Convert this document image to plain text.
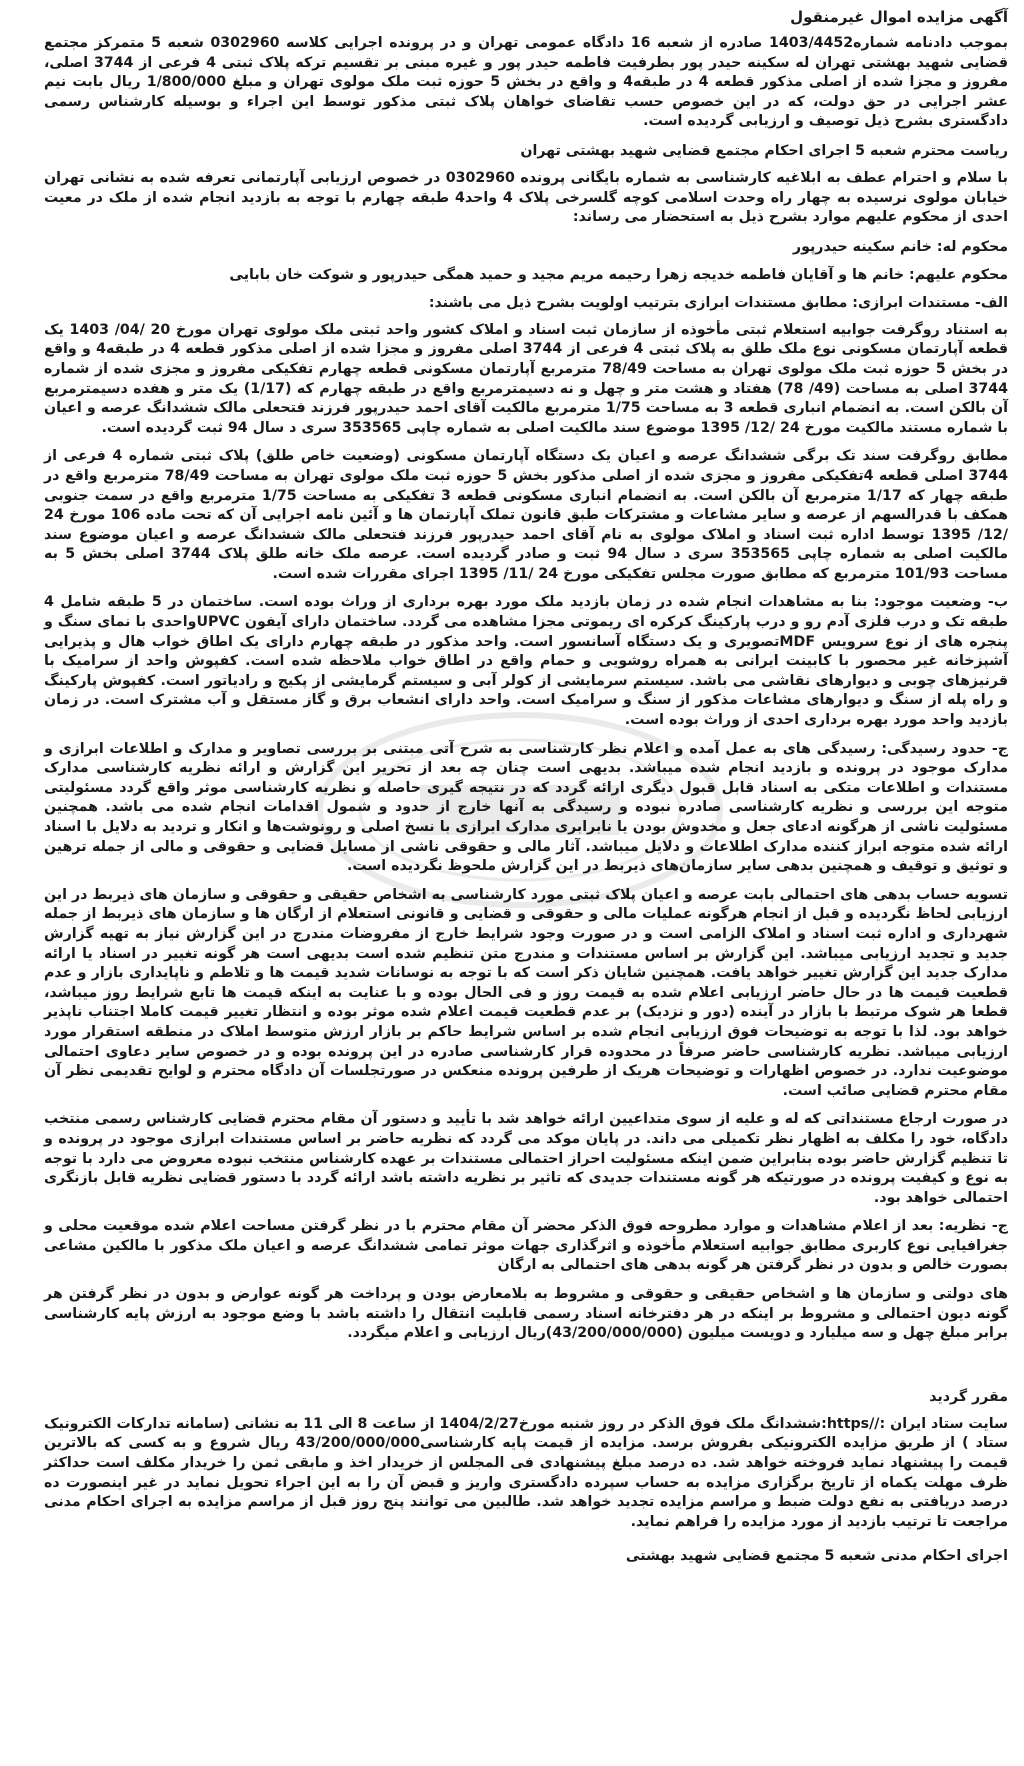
آگهی مزایده اموال غیرمنقول

بموجب دادنامه شماره1403/4452 صادره از شعبه 16 دادگاه عمومی تهران و در پرونده اجرایی کلاسه 0302960 شعبه 5 متمرکز مجتمع قضایی شهید بهشتی تهران له سکینه حیدر پور بطرفیت فاطمه حیدر پور و غیره مبنی بر تقسیم ترکه پلاک ثبتی 4 فرعی از 3744 اصلی، مفروز و مجزا شده از اصلی مذکور قطعه 4 در طبقه4 و واقع در بخش 5 حوزه ثبت ملک مولوی تهران و مبلغ 1/800/000 ریال بابت نیم عشر اجرایی در حق دولت، که در این خصوص حسب تقاضای خواهان پلاک ثبتی مذکور توسط این اجراء و بوسیله کارشناس رسمی دادگستری بشرح ذیل توصیف و ارزیابی گردیده است.

ریاست محترم شعبه 5 اجرای احکام مجتمع قضایی شهید بهشتی تهران

با سلام و احترام عطف به ابلاغیه کارشناسی به شماره بایگانی پرونده 0302960 در خصوص ارزیابی آپارتمانی تعرفه شده به نشانی تهران خیابان مولوی نرسیده به چهار راه وحدت اسلامی کوچه گلسرخی پلاک 4 واحد4 طبقه چهارم با توجه به بازدید انجام شده از ملک در معیت احدی از محکوم علیهم موارد بشرح ذیل به استحضار می رساند:

محکوم له: خانم سکینه حیدرپور
محکوم علیهم: خانم ها و آقایان فاطمه خدیجه زهرا رحیمه مریم مجید و حمید همگی حیدرپور و شوکت خان بابایی
الف- مستندات ابرازی: مطابق مستندات ابرازی بترتیب اولویت بشرح ذیل می باشند:

به استناد روگرفت جوابیه استعلام ثبتی مأخوذه از سازمان ثبت اسناد و املاک کشور واحد ثبتی ملک مولوی تهران مورخ 20 /04/ 1403 یک قطعه آپارتمان مسکونی نوع ملک طلق به پلاک ثبتی 4 فرعی از 3744 اصلی مفروز و مجزا شده از اصلی مذکور قطعه 4 در طبقه4 و واقع در بخش 5 حوزه ثبت ملک مولوی تهران به مساحت 78/49 مترمربع آپارتمان مسکونی قطعه چهارم تفکیکی مفروز و مجزی شده از شماره 3744 اصلی به مساحت (49/ 78) هفتاد و هشت متر و چهل و نه دسیمترمربع واقع در طبقه چهارم که (1/17) یک متر و هفده دسیمترمربع آن بالکن است. به انضمام انباری قطعه 3 به مساحت 1/75 مترمربع مالکیت آقای احمد حیدرپور فرزند فتحعلی مالک ششدانگ عرصه و اعیان با شماره مستند مالکیت مورخ 24 /12/ 1395 موضوع سند مالکیت اصلی به شماره چاپی 353565 سری د سال 94 ثبت گردیده است.

مطابق روگرفت سند تک برگی ششدانگ عرصه و اعیان یک دستگاه آپارتمان مسکونی (وضعیت خاص طلق) پلاک ثبتی شماره 4 فرعی از 3744 اصلی قطعه 4تفکیکی مفروز و مجزی شده از اصلی مذکور بخش 5 حوزه ثبت ملک مولوی تهران به مساحت 78/49 مترمربع واقع در طبقه چهار که 1/17 مترمربع آن بالکن است. به انضمام انباری مسکونی قطعه 3 تفکیکی به مساحت 1/75 مترمربع واقع در سمت جنوبی همکف با قدرالسهم از عرصه و سایر مشاعات و مشترکات طبق قانون تملک آپارتمان ها و آئین نامه اجرایی آن که تحت ماده 106 مورخ 24 /12/ 1395 توسط اداره ثبت اسناد و املاک مولوی به نام آقای احمد حیدرپور فرزند فتحعلی مالک ششدانگ عرصه و اعیان موضوع سند مالکیت اصلی به شماره چاپی 353565 سری د سال 94 ثبت و صادر گردیده است. عرصه ملک خانه طلق پلاک 3744 اصلی بخش 5 به مساحت 101/93 مترمربع که مطابق صورت مجلس تفکیکی مورخ 24 /11/ 1395 اجرای مقررات شده است.

ب- وضعیت موجود: بنا به مشاهدات انجام شده در زمان بازدید ملک مورد بهره برداری از وراث بوده است. ساختمان در 5 طبقه شامل 4 طبقه تک و درب فلزی آدم رو و درب پارکینگ کرکره ای ریموتی مجزا مشاهده می گردد. ساختمان دارای آیفون UPVCواحدی با نمای سنگ و پنجره های از نوع سرویس MDFتصویری و یک دستگاه آسانسور است. واحد مذکور در طبقه چهارم دارای یک اطاق خواب هال و پذیرایی آشپزخانه غیر محصور با کابینت ایرانی به همراه روشویی و حمام واقع در اطاق خواب ملاحظه شده است. کفپوش واحد از سرامیک با قرنیزهای چوبی و دیوارهای نقاشی می باشد. سیستم سرمایشی از کولر آبی و سیستم گرمایشی از پکیج و رادیاتور است. کفپوش پارکینگ و راه پله از سنگ و دیوارهای مشاعات مذکور از سنگ و سرامیک است. واحد دارای انشعاب برق و گاز مستقل و آب مشترک است. در زمان بازدید واحد مورد بهره برداری احدی از وراث بوده است.

ج- حدود رسیدگی: رسیدگی های به عمل آمده و اعلام نظر کارشناسی به شرح آتی مبتنی بر بررسی تصاویر و مدارک و اطلاعات ابرازی و مدارک موجود در پرونده و بازدید انجام شده میباشد. بدیهی است چنان چه بعد از تحریر این گزارش و ارائه نظریه کارشناسی مدارک مستندات و اطلاعات متکی به اسناد قابل قبول دیگری ارائه گردد که در نتیجه گیری حاصله و نظریه کارشناسی موثر واقع گردد مسئولیتی متوجه این بررسی و نظریه کارشناسی صادره نبوده و رسیدگی به آنها خارج از حدود و شمول اقدامات انجام شده می باشد. همچنین مسئولیت ناشی از هرگونه ادعای جعل و مخدوش بودن یا نابرابری مدارک ابرازی با نسخ اصلی و رونوشت‌ها و انکار و تردید به دلایل با اسناد ارائه شده متوجه ابراز کننده مدارک اطلاعات و دلایل میباشد. آثار مالی و حقوقی ناشی از مسایل قضایی و حقوقی و مالی از جمله ترهین و توثیق و توقیف و همچنین بدهی سایر سازمان‌های ذیربط در این گزارش ملحوظ نگردیده است.

تسویه حساب بدهی های احتمالی بابت عرصه و اعیان پلاک ثبتی مورد کارشناسی به اشخاص حقیقی و حقوقی و سازمان های ذیربط در این ارزیابی لحاظ نگردیده و قبل از انجام هرگونه عملیات مالی و حقوقی و قضایی و قانونی استعلام از ارگان ها و سازمان های ذیربط از جمله شهرداری و اداره ثبت اسناد و املاک الزامی است و در صورت وجود شرایط خارج از مفروضات مندرج در این گزارش نیاز به تهیه گزارش جدید و تجدید ارزیابی میباشد. این گزارش بر اساس مستندات و مندرج متن تنظیم شده است بدیهی است هر گونه تغییر در اسناد یا ارائه مدارک جدید این گزارش تغییر خواهد یافت. همچنین شایان ذکر است که با توجه به نوسانات شدید قیمت ها و تلاطم و ناپایداری بازار و عدم قطعیت قیمت ها در حال حاضر ارزیابی اعلام شده به قیمت روز و فی الحال بوده و با عنایت به اینکه قیمت ها تابع شرایط روز میباشد، قطعا هر شوک مرتبط با بازار در آینده (دور و نزدیک) بر عدم قطعیت قیمت اعلام شده موثر بوده و انتظار تغییر قیمت کاملا اجتناب ناپذیر خواهد بود. لذا با توجه به توضیحات فوق ارزیابی انجام شده بر اساس شرایط حاکم بر بازار ارزش متوسط املاک در منطقه استقرار مورد ارزیابی میباشد. نظریه کارشناسی حاضر صرفاً در محدوده قرار کارشناسی صادره در این پرونده بوده و در خصوص سایر دعاوی احتمالی موضوعیت ندارد. در خصوص اظهارات و توضیحات هریک از طرفین پرونده منعکس در صورتجلسات آن دادگاه محترم و لوایح تقدیمی نظر آن مقام محترم قضایی صائب است.

در صورت ارجاع مستنداتی که له و علیه از سوی متداعیین ارائه خواهد شد با تأیید و دستور آن مقام محترم قضایی کارشناس رسمی منتخب دادگاه، خود را مکلف به اظهار نظر تکمیلی می داند. در پایان موکد می گردد که نظریه حاضر بر اساس مستندات ابرازی موجود در پرونده و تا تنظیم گزارش حاضر بوده بنابراین ضمن اینکه مسئولیت احراز احتمالی مستندات بر عهده کارشناس منتخب نبوده معروض می دارد با توجه به نوع و کیفیت پرونده در صورتیکه هر گونه مستندات جدیدی که تاثیر بر نظریه داشته باشد ارائه گردد با دستور قضایی نظریه قابل بازنگری احتمالی خواهد بود.

ج- نظریه: بعد از اعلام مشاهدات و موارد مطروحه فوق الذکر محضر آن مقام محترم با در نظر گرفتن مساحت اعلام شده موقعیت محلی و جغرافیایی نوع کاربری مطابق جوابیه استعلام مأخوذه و اثرگذاری جهات موثر تمامی ششدانگ عرصه و اعیان ملک مذکور با مالکین مشاعی بصورت خالص و بدون در نظر گرفتن هر گونه بدهی های احتمالی به ارگان

های دولتی و سازمان ها و اشخاص حقیقی و حقوقی و مشروط به بلامعارض بودن و پرداخت هر گونه عوارض و بدون در نظر گرفتن هر گونه دیون احتمالی و مشروط بر اینکه در هر دفترخانه اسناد رسمی قابلیت انتقال را داشته باشد با وضع موجود به ارزش پایه کارشناسی برابر مبلغ چهل و سه میلیارد و دویست میلیون (43/200/000/000)ریال ارزیابی و اعلام میگردد.

مقرر گردید

سایت ستاد ایران ://https:ششدانگ ملک فوق الذکر در روز شنبه مورخ1404/2/27 از ساعت 8 الی 11 به نشانی (سامانه تدارکات الکترونیک ستاد ) از طریق مزایده الکترونیکی بفروش برسد. مزایده از قیمت پایه کارشناسی43/200/000/000 ریال شروع و به کسی که بالاترین قیمت را پیشنهاد نماید فروخته خواهد شد. ده درصد مبلغ پیشنهادی فی المجلس از خریدار اخذ و مابقی ثمن را خریدار مکلف است حداکثر ظرف مهلت یکماه از تاریخ برگزاری مزایده به حساب سپرده دادگستری واریز و قبض آن را به این اجراء تحویل نماید در غیر اینصورت ده درصد دریافتی به نفع دولت ضبط و مراسم مزایده تجدید خواهد شد. طالبین می توانند پنج روز قبل از مراسم مزایده به اجرای احکام مدنی مراجعت تا ترتیب بازدید از مورد مزایده را فراهم نماید.

اجرای احکام مدنی شعبه 5 مجتمع قضایی شهید بهشتی
